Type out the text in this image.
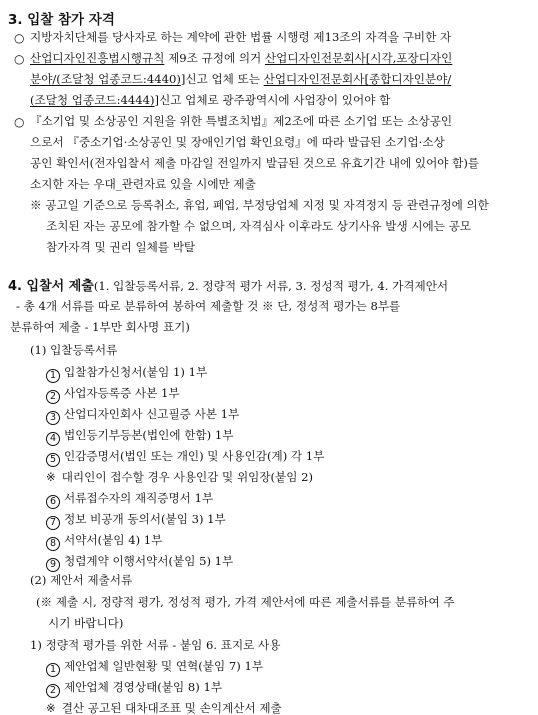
3. 입찰 참가 자격
○ 지방자치단체를 당사자로 하는 계약에 관한 법률 시행령 제13조의 자격을 구비한 자
○ 산업디자인진흥법시행규칙 제9조 규정에 의거 산업디자인전문회사[시각,포장디자인
분야/(조달청 업종코드:4440)]신고 업체 또는 산업디자인전문회사[종합디자인분야/
(조달청 업종코드:4444)]신고 업체로 광주광역시에 사업장이 있어야 함
○ 『소기업 및 소상공인 지원을 위한 특별조치법』제2조에 따른 소기업 또는 소상공인
으로서 『중소기업·소상공인 및 장애인기업 확인요령』에 따라 발급된 소기업·소상
공인 확인서(전자입찰서 제출 마감일 전일까지 발급된 것으로 유효기간 내에 있어야 함)를
소지한 자는 우대_관련자료 있을 시에만 제출
※ 공고일 기준으로 등록취소, 휴업, 폐업, 부정당업체 지정 및 자격정지 등 관련규정에 의한
조치된 자는 공모에 참가할 수 없으며, 자격심사 이후라도 상기사유 발생 시에는 공모
참가자격 및 권리 일체를 박탈
4. 입찰서 제출(1. 입찰등록서류, 2. 정량적 평가 서류, 3. 정성적 평가, 4. 가격제안서
- 총 4개 서류를 따로 분류하여 봉하여 제출할 것 ※ 단, 정성적 평가는 8부를
분류하여 제출 - 1부만 회사명 표기)
(1) 입찰등록서류
1 입찰참가신청서(붙임 1) 1부
2 사업자등록증 사본 1부
3 산업디자인회사 신고필증 사본 1부
4 법인등기부등본(법인에 한함) 1부
5 인감증명서(법인 또는 개인) 및 사용인감(계) 각 1부
※ 대리인이 접수할 경우 사용인감 및 위임장(붙임 2)
6 서류접수자의 재직증명서 1부
7 정보 비공개 동의서(붙임 3) 1부
8 서약서(붙임 4) 1부
9 청렴계약 이행서약서(붙임 5) 1부
(2) 제안서 제출서류
(※ 제출 시, 정량적 평가, 정성적 평가, 가격 제안서에 따른 제출서류를 분류하여 주
시기 바랍니다)
1) 정량적 평가를 위한 서류 - 붙임 6. 표지로 사용
1 제안업체 일반현황 및 연혁(붙임 7) 1부
2 제안업체 경영상태(붙임 8) 1부
※ 결산 공고된 대차대조표 및 손익계산서 제출
